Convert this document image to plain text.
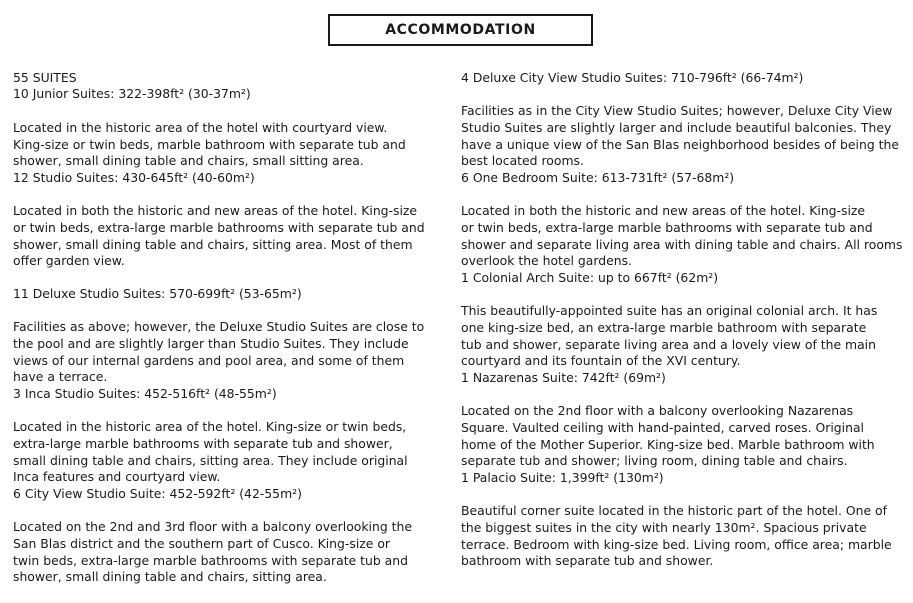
ACCOMMODATION

55 SUITES
10 Junior Suites: 322-398ft² (30-37m²)

Located in the historic area of the hotel with courtyard view.
King-size or twin beds, marble bathroom with separate tub and
shower, small dining table and chairs, small sitting area.

12 Studio Suites: 430-645ft² (40-60m²)

Located in both the historic and new areas of the hotel. King-size
or twin beds, extra-large marble bathrooms with separate tub and
shower, small dining table and chairs, sitting area. Most of them
offer garden view.

11 Deluxe Studio Suites: 570-699ft² (53-65m²)

Facilities as above; however, the Deluxe Studio Suites are close to
the pool and are slightly larger than Studio Suites. They include
views of our internal gardens and pool area, and some of them
have a terrace.

3 Inca Studio Suites: 452-516ft² (48-55m²)

Located in the historic area of the hotel. King-size or twin beds,
extra-large marble bathrooms with separate tub and shower,
small dining table and chairs, sitting area. They include original
Inca features and courtyard view.

6 City View Studio Suite: 452-592ft² (42-55m²)

Located on the 2nd and 3rd floor with a balcony overlooking the
San Blas district and the southern part of Cusco. King-size or
twin beds, extra-large marble bathrooms with separate tub and
shower, small dining table and chairs, sitting area.

4 Deluxe City View Studio Suites: 710-796ft² (66-74m²)

Facilities as in the City View Studio Suites; however, Deluxe City View
Studio Suites are slightly larger and include beautiful balconies. They
have a unique view of the San Blas neighborhood besides of being the
best located rooms.

6 One Bedroom Suite: 613-731ft² (57-68m²)

Located in both the historic and new areas of the hotel. King-size
or twin beds, extra-large marble bathrooms with separate tub and
shower and separate living area with dining table and chairs. All rooms
overlook the hotel gardens.

1 Colonial Arch Suite: up to 667ft² (62m²)

This beautifully-appointed suite has an original colonial arch. It has
one king-size bed, an extra-large marble bathroom with separate
tub and shower, separate living area and a lovely view of the main
courtyard and its fountain of the XVI century.

1 Nazarenas Suite: 742ft² (69m²)

Located on the 2nd floor with a balcony overlooking Nazarenas
Square. Vaulted ceiling with hand-painted, carved roses. Original
home of the Mother Superior. King-size bed. Marble bathroom with
separate tub and shower; living room, dining table and chairs.

1 Palacio Suite: 1,399ft² (130m²)

Beautiful corner suite located in the historic part of the hotel. One of
the biggest suites in the city with nearly 130m². Spacious private
terrace. Bedroom with king-size bed. Living room, office area; marble
bathroom with separate tub and shower.
